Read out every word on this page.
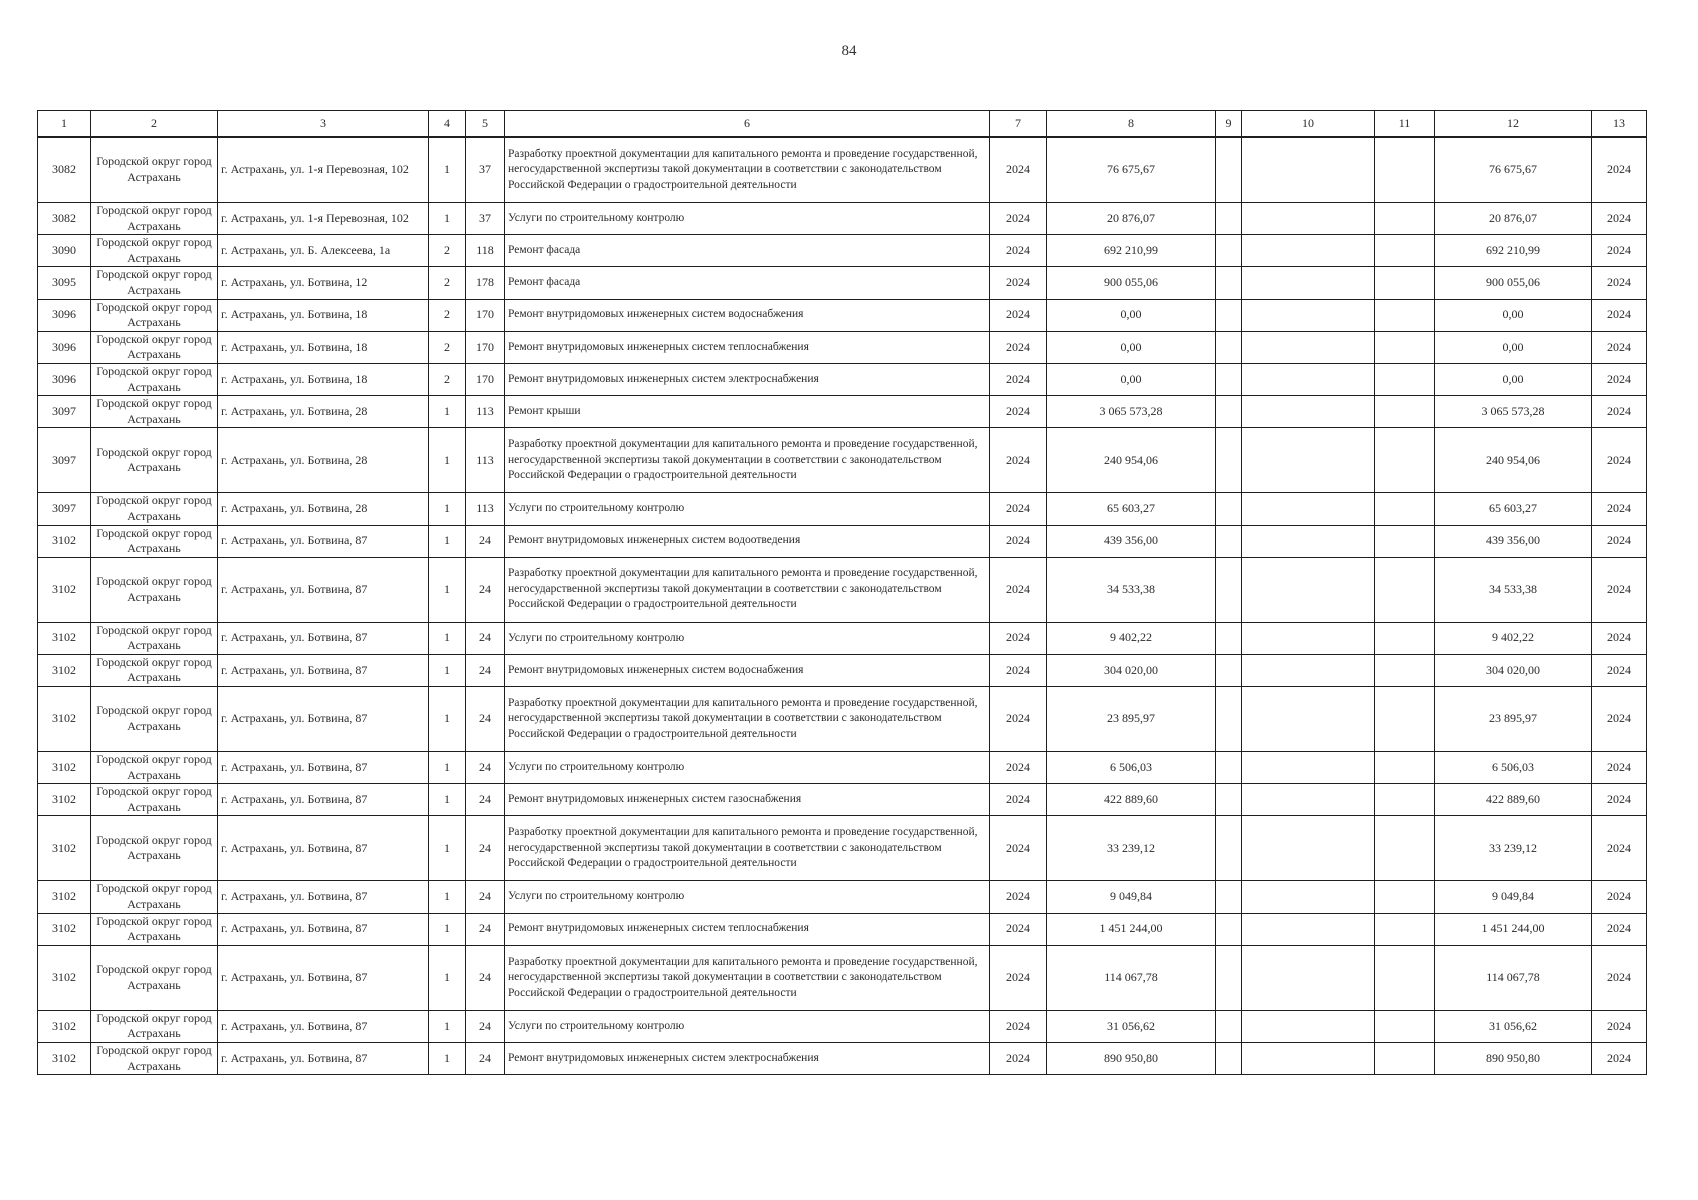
84
1	2	3	4	5	6	7	8	9	10	11	12	13
3082	Городской округ город Астрахань	г. Астрахань, ул. 1-я Перевозная, 102	1	37	Разработку проектной документации для капитального ремонта и проведение государственной, негосударственной экспертизы такой документации в соответствии с законодательством Российской Федерации о градостроительной деятельности	2024	76 675,67				76 675,67	2024
3082	Городской округ город Астрахань	г. Астрахань, ул. 1-я Перевозная, 102	1	37	Услуги по строительному контролю	2024	20 876,07				20 876,07	2024
3090	Городской округ город Астрахань	г. Астрахань, ул. Б. Алексеева, 1а	2	118	Ремонт фасада	2024	692 210,99				692 210,99	2024
3095	Городской округ город Астрахань	г. Астрахань, ул. Ботвина, 12	2	178	Ремонт фасада	2024	900 055,06				900 055,06	2024
3096	Городской округ город Астрахань	г. Астрахань, ул. Ботвина, 18	2	170	Ремонт внутридомовых инженерных систем водоснабжения	2024	0,00				0,00	2024
3096	Городской округ город Астрахань	г. Астрахань, ул. Ботвина, 18	2	170	Ремонт внутридомовых инженерных систем теплоснабжения	2024	0,00				0,00	2024
3096	Городской округ город Астрахань	г. Астрахань, ул. Ботвина, 18	2	170	Ремонт внутридомовых инженерных систем электроснабжения	2024	0,00				0,00	2024
3097	Городской округ город Астрахань	г. Астрахань, ул. Ботвина, 28	1	113	Ремонт крыши	2024	3 065 573,28				3 065 573,28	2024
3097	Городской округ город Астрахань	г. Астрахань, ул. Ботвина, 28	1	113	Разработку проектной документации для капитального ремонта и проведение государственной, негосударственной экспертизы такой документации в соответствии с законодательством Российской Федерации о градостроительной деятельности	2024	240 954,06				240 954,06	2024
3097	Городской округ город Астрахань	г. Астрахань, ул. Ботвина, 28	1	113	Услуги по строительному контролю	2024	65 603,27				65 603,27	2024
3102	Городской округ город Астрахань	г. Астрахань, ул. Ботвина, 87	1	24	Ремонт внутридомовых инженерных систем водоотведения	2024	439 356,00				439 356,00	2024
3102	Городской округ город Астрахань	г. Астрахань, ул. Ботвина, 87	1	24	Разработку проектной документации для капитального ремонта и проведение государственной, негосударственной экспертизы такой документации в соответствии с законодательством Российской Федерации о градостроительной деятельности	2024	34 533,38				34 533,38	2024
3102	Городской округ город Астрахань	г. Астрахань, ул. Ботвина, 87	1	24	Услуги по строительному контролю	2024	9 402,22				9 402,22	2024
3102	Городской округ город Астрахань	г. Астрахань, ул. Ботвина, 87	1	24	Ремонт внутридомовых инженерных систем водоснабжения	2024	304 020,00				304 020,00	2024
3102	Городской округ город Астрахань	г. Астрахань, ул. Ботвина, 87	1	24	Разработку проектной документации для капитального ремонта и проведение государственной, негосударственной экспертизы такой документации в соответствии с законодательством Российской Федерации о градостроительной деятельности	2024	23 895,97				23 895,97	2024
3102	Городской округ город Астрахань	г. Астрахань, ул. Ботвина, 87	1	24	Услуги по строительному контролю	2024	6 506,03				6 506,03	2024
3102	Городской округ город Астрахань	г. Астрахань, ул. Ботвина, 87	1	24	Ремонт внутридомовых инженерных систем газоснабжения	2024	422 889,60				422 889,60	2024
3102	Городской округ город Астрахань	г. Астрахань, ул. Ботвина, 87	1	24	Разработку проектной документации для капитального ремонта и проведение государственной, негосударственной экспертизы такой документации в соответствии с законодательством Российской Федерации о градостроительной деятельности	2024	33 239,12				33 239,12	2024
3102	Городской округ город Астрахань	г. Астрахань, ул. Ботвина, 87	1	24	Услуги по строительному контролю	2024	9 049,84				9 049,84	2024
3102	Городской округ город Астрахань	г. Астрахань, ул. Ботвина, 87	1	24	Ремонт внутридомовых инженерных систем теплоснабжения	2024	1 451 244,00				1 451 244,00	2024
3102	Городской округ город Астрахань	г. Астрахань, ул. Ботвина, 87	1	24	Разработку проектной документации для капитального ремонта и проведение государственной, негосударственной экспертизы такой документации в соответствии с законодательством Российской Федерации о градостроительной деятельности	2024	114 067,78				114 067,78	2024
3102	Городской округ город Астрахань	г. Астрахань, ул. Ботвина, 87	1	24	Услуги по строительному контролю	2024	31 056,62				31 056,62	2024
3102	Городской округ город Астрахань	г. Астрахань, ул. Ботвина, 87	1	24	Ремонт внутридомовых инженерных систем электроснабжения	2024	890 950,80				890 950,80	2024
